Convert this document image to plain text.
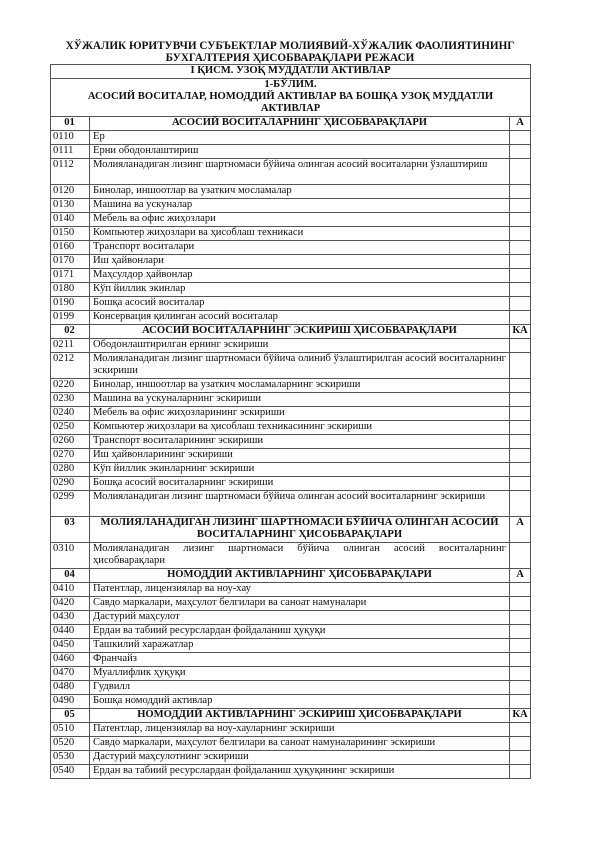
ХЎЖАЛИК ЮРИТУВЧИ СУБЪЕКТЛАР МОЛИЯВИЙ-ХЎЖАЛИК ФАОЛИЯТИНИНГ
БУХГАЛТЕРИЯ ҲИСОБВАРАҚЛАРИ РЕЖАСИ
I ҚИСМ. УЗОҚ МУДДАТЛИ АКТИВЛАР		

1-БЎЛИМ.
АСОСИЙ ВОСИТАЛАР, НОМОДДИЙ АКТИВЛАР ВА БОШҚА УЗОҚ МУДДАТЛИ
АКТИВЛАР		

01	АСОСИЙ ВОСИТАЛАРНИНГ ҲИСОБВАРАҚЛАРИ	А
0110	Ер	
0111	Ерни ободонлаштириш	
0112	Молияланадиган лизинг шартномаси бўйича олинган асосий воситаларни ўзлаштириш	
0120	Бинолар, иншоотлар ва узаткич мосламалар	
0130	Машина ва ускуналар	
0140	Мебель ва офис жиҳозлари	
0150	Компьютер жиҳозлари ва ҳисоблаш техникаси	
0160	Транспорт воситалари	
0170	Иш ҳайвонлари	
0171	Маҳсулдор ҳайвонлар	
0180	Кўп йиллик экинлар	
0190	Бошқа асосий воситалар	
0199	Консервация қилинган асосий воситалар	
02	АСОСИЙ ВОСИТАЛАРНИНГ ЭСКИРИШ ҲИСОБВАРАҚЛАРИ	КА
0211	Ободонлаштирилган ернинг эскириши	
0212	Молияланадиган лизинг шартномаси бўйича олиниб ўзлаштирилган асосий воситаларнинг эскириши	
0220	Бинолар, иншоотлар ва узаткич мосламаларнинг эскириши	
0230	Машина ва ускуналарнинг эскириши	
0240	Мебель ва офис жиҳозларининг эскириши	
0250	Компьютер жиҳозлари ва ҳисоблаш техникасининг эскириши	
0260	Транспорт воситаларининг эскириши	
0270	Иш ҳайвонларининг эскириши	
0280	Кўп йиллик экинларнинг эскириши	
0290	Бошқа асосий воситаларнинг эскириши	
0299	Молияланадиган лизинг шартномаси бўйича олинган асосий воситаларнинг эскириши	
03	МОЛИЯЛАНАДИГАН ЛИЗИНГ ШАРТНОМАСИ БЎЙИЧА ОЛИНГАН АСОСИЙ ВОСИТАЛАРНИНГ ҲИСОБВАРАҚЛАРИ	А
0310	Молияланадиган лизинг шартномаси бўйича олинган асосий воситаларнинг ҳисобварақлари	
04	НОМОДДИЙ АКТИВЛАРНИНГ ҲИСОБВАРАҚЛАРИ	А
0410	Патентлар, лицензиялар ва ноу-хау	
0420	Савдо маркалари, маҳсулот белгилари ва саноат намуналари	
0430	Дастурий маҳсулот	
0440	Ердан ва табиий ресурслардан фойдаланиш ҳуқуқи	
0450	Ташкилий харажатлар	
0460	Франчайз	
0470	Муаллифлик ҳуқуқи	
0480	Гудвилл	
0490	Бошқа номоддий активлар	
05	НОМОДДИЙ АКТИВЛАРНИНГ ЭСКИРИШ ҲИСОБВАРАҚЛАРИ	КА
0510	Патентлар, лицензиялар ва ноу-хауларнинг эскириши	
0520	Савдо маркалари, маҳсулот белгилари ва саноат намуналарининг эскириши	
0530	Дастурий маҳсулотнинг эскириши	
0540	Ердан ва табиий ресурслардан фойдаланиш ҳуқуқининг эскириши	
